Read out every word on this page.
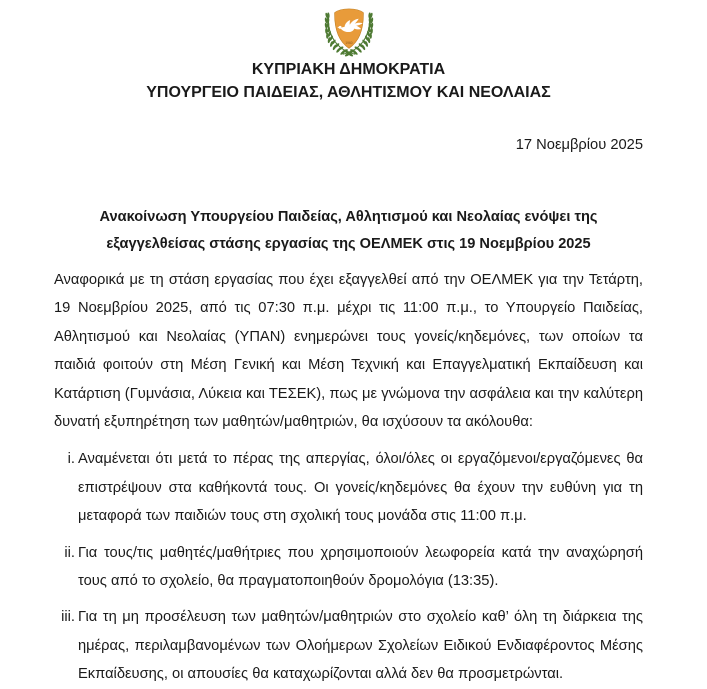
1960
ΚΥΠΡΙΑΚΗ ΔΗΜΟΚΡΑΤΙΑ
ΥΠΟΥΡΓΕΙΟ ΠΑΙΔΕΙΑΣ, ΑΘΛΗΤΙΣΜΟΥ ΚΑΙ ΝΕΟΛΑΙΑΣ
17 Νοεμβρίου 2025
Ανακοίνωση Υπουργείου Παιδείας, Αθλητισμού και Νεολαίας ενόψει της εξαγγελθείσας στάσης εργασίας της ΟΕΛΜΕΚ στις 19 Νοεμβρίου 2025

Αναφορικά με τη στάση εργασίας που έχει εξαγγελθεί από την ΟΕΛΜΕΚ για την Τετάρτη, 19 Νοεμβρίου 2025, από τις 07:30 π.μ. μέχρι τις 11:00 π.μ., το Υπουργείο Παιδείας, Αθλητισμού και Νεολαίας (ΥΠΑΝ) ενημερώνει τους γονείς/κηδεμόνες, των οποίων τα παιδιά φοιτούν στη Μέση Γενική και Μέση Τεχνική και Επαγγελματική Εκπαίδευση και Κατάρτιση (Γυμνάσια, Λύκεια και ΤΕΣΕΚ), πως με γνώμονα την ασφάλεια και την καλύτερη δυνατή εξυπηρέτηση των μαθητών/μαθητριών, θα ισχύσουν τα ακόλουθα:

i. Αναμένεται ότι μετά το πέρας της απεργίας, όλοι/όλες οι εργαζόμενοι/εργαζόμενες θα επιστρέψουν στα καθήκοντά τους. Οι γονείς/κηδεμόνες θα έχουν την ευθύνη για τη μεταφορά των παιδιών τους στη σχολική τους μονάδα στις 11:00 π.μ.
ii. Για τους/τις μαθητές/μαθήτριες που χρησιμοποιούν λεωφορεία κατά την αναχώρησή τους από το σχολείο, θα πραγματοποιηθούν δρομολόγια (13:35).
iii. Για τη μη προσέλευση των μαθητών/μαθητριών στο σχολείο καθ’ όλη τη διάρκεια της ημέρας, περιλαμβανομένων των Ολοήμερων Σχολείων Ειδικού Ενδιαφέροντος Μέσης Εκπαίδευσης, οι απουσίες θα καταχωρίζονται αλλά δεν θα προσμετρώνται.
